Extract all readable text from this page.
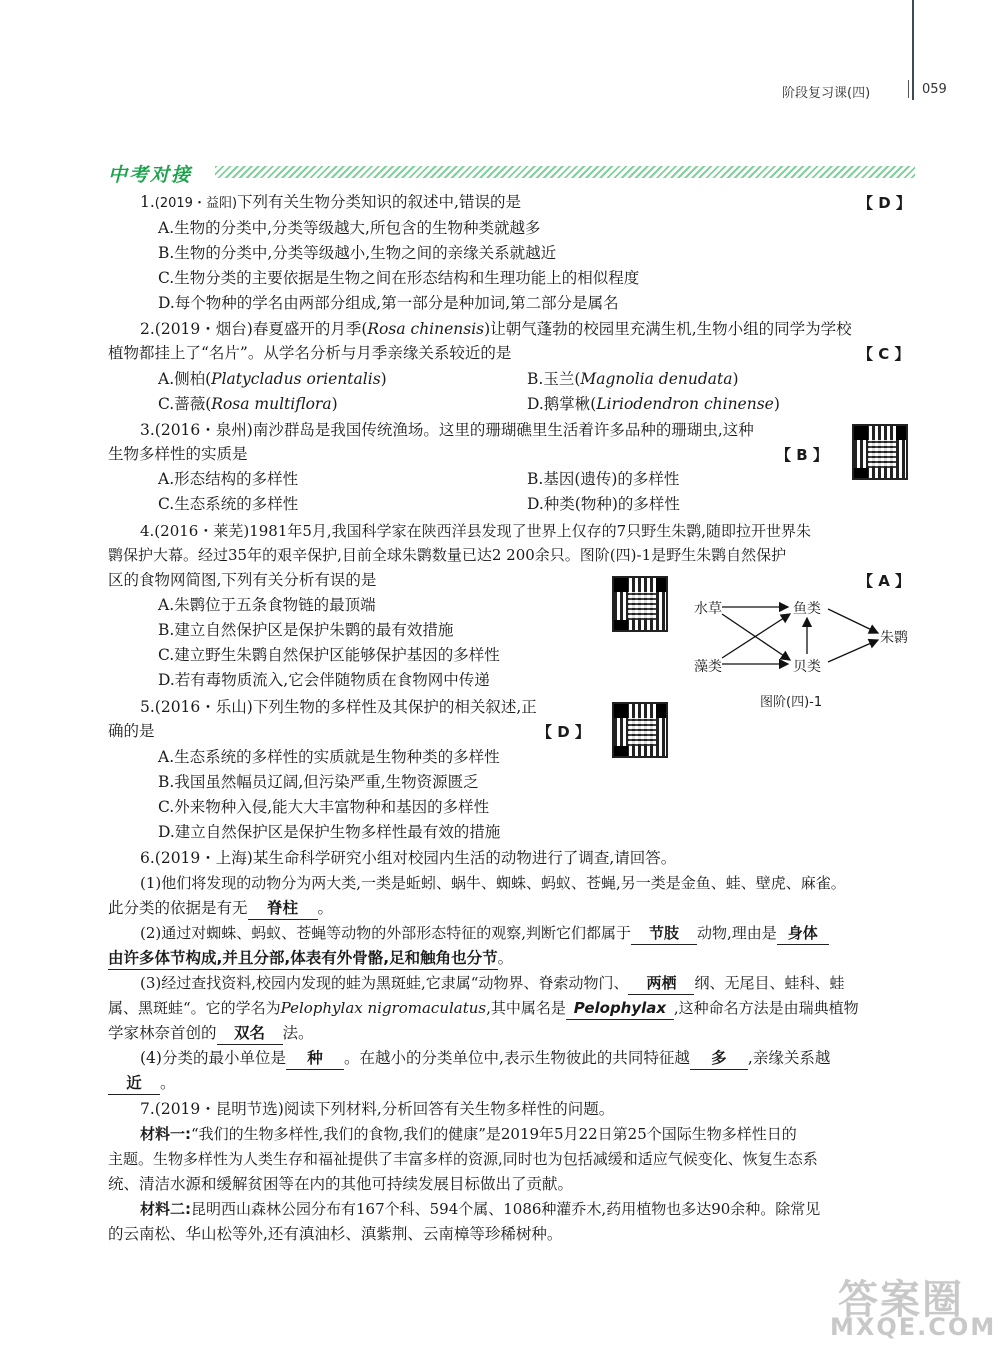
阶段复习课(四)	059
中考对接
1.(2019・益阳)下列有关生物分类知识的叙述中,错误的是	【 D 】
A.生物的分类中,分类等级越大,所包含的生物种类就越多
B.生物的分类中,分类等级越小,生物之间的亲缘关系就越近
C.生物分类的主要依据是生物之间在形态结构和生理功能上的相似程度
D.每个物种的学名由两部分组成,第一部分是种加词,第二部分是属名
2.(2019・烟台)春夏盛开的月季(Rosa chinensis)让朝气蓬勃的校园里充满生机,生物小组的同学为学校
植物都挂上了“名片”。从学名分析与月季亲缘关系较近的是	【 C 】
A.侧柏(Platycladus orientalis)	B.玉兰(Magnolia denudata)
C.蔷薇(Rosa multiflora)	D.鹅掌楸(Liriodendron chinense)
3.(2016・泉州)南沙群岛是我国传统渔场。这里的珊瑚礁里生活着许多品种的珊瑚虫,这种
生物多样性的实质是	【 B 】
A.形态结构的多样性	B.基因(遗传)的多样性
C.生态系统的多样性	D.种类(物种)的多样性
4.(2016・莱芜)1981年5月,我国科学家在陕西洋县发现了世界上仅存的7只野生朱鹮,随即拉开世界朱
鹮保护大幕。经过35年的艰辛保护,目前全球朱鹮数量已达2 200余只。图阶(四)-1是野生朱鹮自然保护
区的食物网简图,下列有关分析有误的是	【 A 】
A.朱鹮位于五条食物链的最顶端
B.建立自然保护区是保护朱鹮的最有效措施
C.建立野生朱鹮自然保护区能够保护基因的多样性
D.若有毒物质流入,它会伴随物质在食物网中传递
水草	鱼类
藻类	贝类
朱鹮
图阶(四)-1
5.(2016・乐山)下列生物的多样性及其保护的相关叙述,正
确的是	【 D 】
A.生态系统的多样性的实质就是生物种类的多样性
B.我国虽然幅员辽阔,但污染严重,生物资源匮乏
C.外来物种入侵,能大大丰富物种和基因的多样性
D.建立自然保护区是保护生物多样性最有效的措施
6.(2019・上海)某生命科学研究小组对校园内生活的动物进行了调查,请回答。
(1)他们将发现的动物分为两大类,一类是蚯蚓、蜗牛、蜘蛛、蚂蚁、苍蝇,另一类是金鱼、蛙、壁虎、麻雀。
此分类的依据是有无 脊柱 。
(2)通过对蜘蛛、蚂蚁、苍蝇等动物的外部形态特征的观察,判断它们都属于 节肢 动物,理由是 身体
由许多体节构成,并且分部,体表有外骨骼,足和触角也分节。
(3)经过查找资料,校园内发现的蛙为黑斑蛙,它隶属“动物界、脊索动物门、 两栖 纲、无尾目、蛙科、蛙
属、黑斑蛙“。它的学名为Pelophylax nigromaculatus,其中属名是 Pelophylax ,这种命名方法是由瑞典植物
学家林奈首创的 双名 法。
(4)分类的最小单位是 种 。在越小的分类单位中,表示生物彼此的共同特征越 多 ,亲缘关系越
近 。
7.(2019・昆明节选)阅读下列材料,分析回答有关生物多样性的问题。
材料一:“我们的生物多样性,我们的食物,我们的健康”是2019年5月22日第25个国际生物多样性日的
主题。生物多样性为人类生存和福祉提供了丰富多样的资源,同时也为包括减缓和适应气候变化、恢复生态系
统、清洁水源和缓解贫困等在内的其他可持续发展目标做出了贡献。
材料二:昆明西山森林公园分布有167个科、594个属、1086种灌乔木,药用植物也多达90余种。除常见
的云南松、华山松等外,还有滇油杉、滇紫荆、云南樟等珍稀树种。
答案圈
MXQE.COM
